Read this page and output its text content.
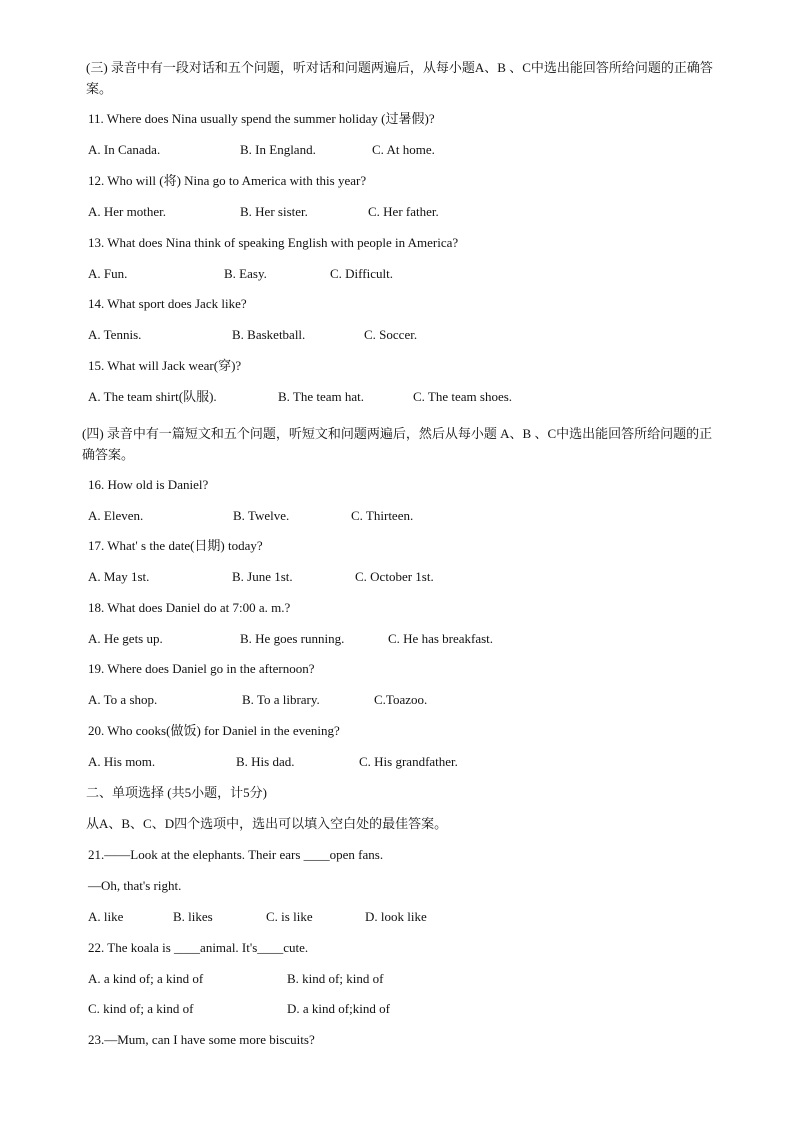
(三) 录音中有一段对话和五个问题，听对话和问题两遍后，从每小题A、B 、C中选出能回答所给问题的正确答案。
11. Where does Nina usually spend the summer holiday (过暑假)?
A. In Canada.	B. In England.	C. At home.
12. Who will (将) Nina go to America with this year?
A. Her mother.	B. Her sister.	C. Her father.
13. What does Nina think of speaking English with people in America?
A. Fun.	B. Easy.	C. Difficult.
14. What sport does Jack like?
A. Tennis.	B. Basketball.	C. Soccer.
15. What will Jack wear(穿)?
A. The team shirt(队服).	B. The team hat.	C. The team shoes.
(四) 录音中有一篇短文和五个问题，听短文和问题两遍后，然后从每小题 A、B 、C中选出能回答所给问题的正确答案。
16. How old is Daniel?
A. Eleven.	B. Twelve.	C. Thirteen.
17. What' s the date(日期) today?
A. May 1st.	B. June 1st.	C. October 1st.
18. What does Daniel do at 7:00 a. m.?
A. He gets up.	B. He goes running.	C. He has breakfast.
19. Where does Daniel go in the afternoon?
A. To a shop.	B. To a library.	C.Toazoo.
20. Who cooks(做饭) for Daniel in the evening?
A. His mom.	B. His dad.	C. His grandfather.
二、单项选择 (共5小题，计5分)
从A、B、C、D四个选项中，选出可以填入空白处的最佳答案。
21.——Look at the elephants. Their ears ____open fans.
—Oh, that's right.
A. like	B. likes	C. is like	D. look like
22. The koala is ____animal. It's____cute.
A. a kind of; a kind of	B. kind of; kind of
C. kind of; a kind of	D. a kind of;kind of
23.—Mum, can I have some more biscuits?
